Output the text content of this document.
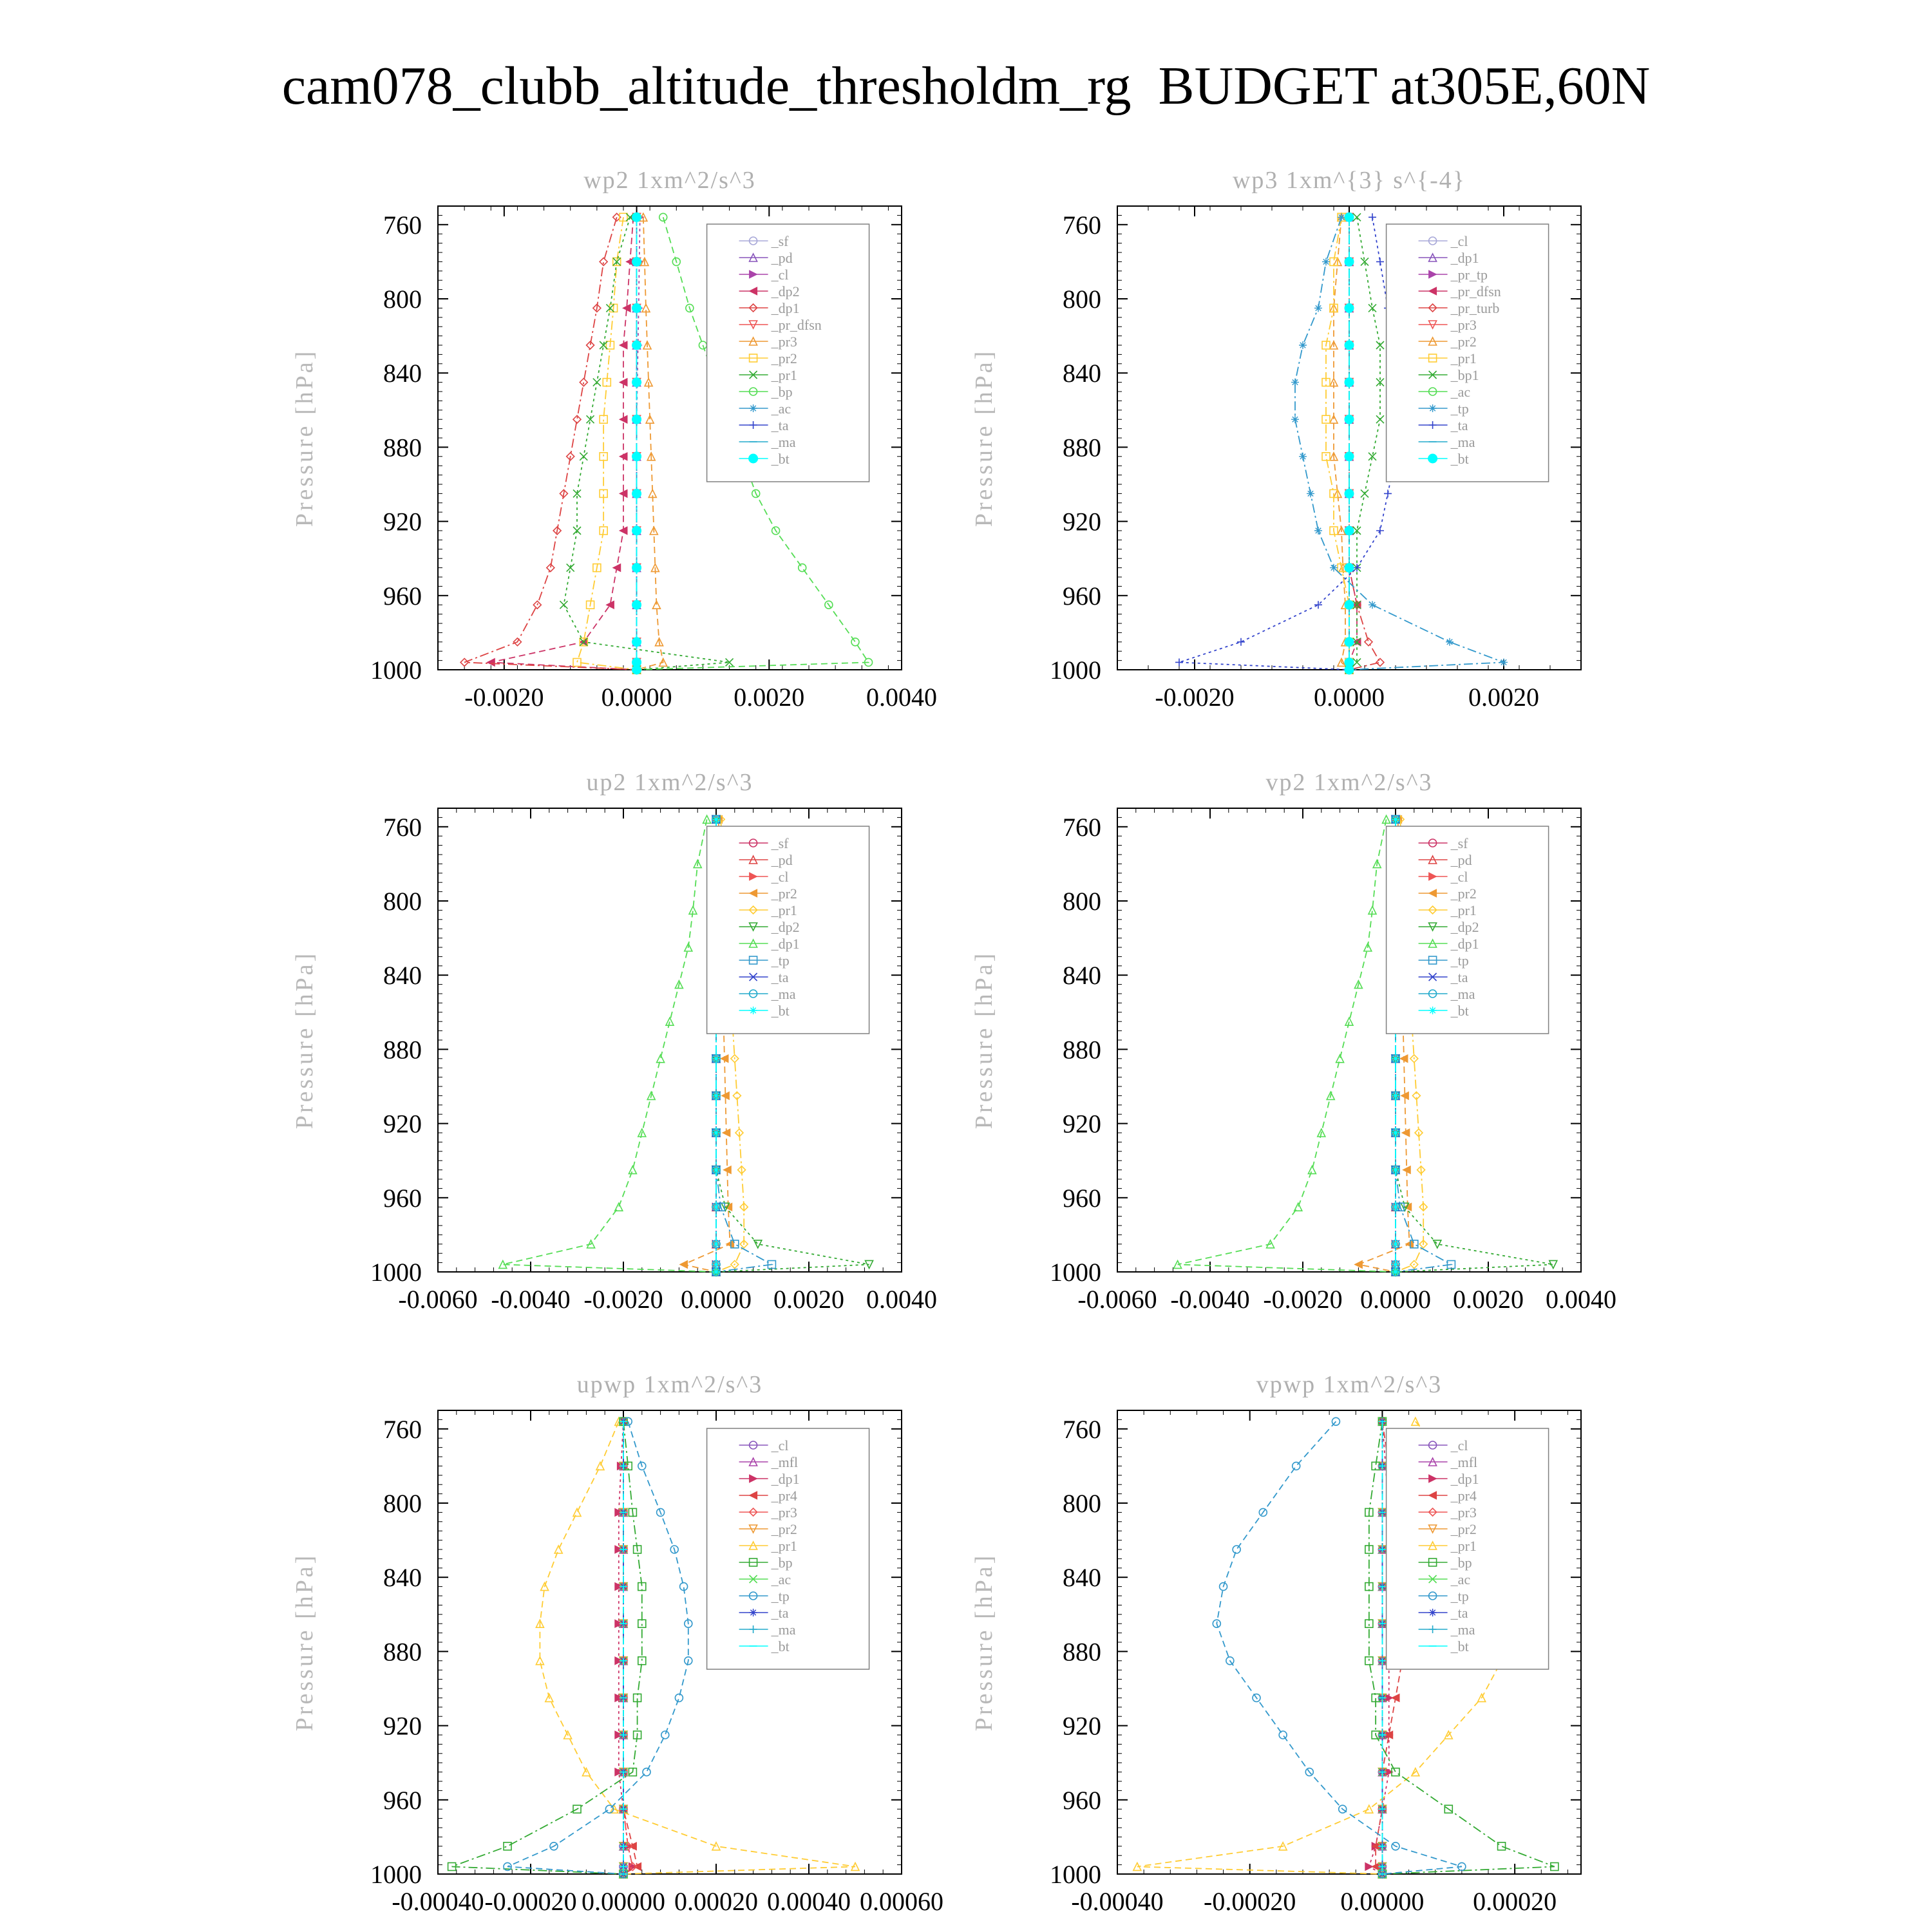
cam078_clubb_altitude_thresholdm_rg  BUDGET at305E,60N
wp2 1xm^2/s^3
760
800
840
880
920
960
1000
-0.0020 0.0000 0.0020 0.0040
Pressure [hPa]
_sf
_pd
_cl
_dp2
_dp1
_pr_dfsn
_pr3
_pr2
_pr1
_bp
_ac
_ta
_ma
_bt
wp3 1xm^{3} s^{-4}
760
800
840
880
920
960
1000
-0.0020	0.0000	0.0020
Pressure [hPa]
_cl
_dp1
_pr_tp
_pr_dfsn
_pr_turb
_pr3
_pr2
_pr1
_bp1
_ac
_tp
_ta
_ma
_bt
up2 1xm^2/s^3
760
800
840
880
920
960
1000
-0.0060 -0.0040 -0.0020 0.0000 0.0020 0.0040
Pressure [hPa]
_sf
_pd
_cl
_pr2
_pr1
_dp2
_dp1
_tp
_ta
_ma
_bt
vp2 1xm^2/s^3
760
800
840
880
920
960
1000
-0.0060 -0.0040 -0.0020 0.0000 0.0020 0.0040
Pressure [hPa]
_sf
_pd
_cl
_pr2
_pr1
_dp2
_dp1
_tp
_ta
_ma
_bt
upwp 1xm^2/s^3
760
800
840
880
920
960
1000
-0.00040 -0.00020 0.00000 0.00020 0.00040 0.00060
Pressure [hPa]
_cl
_mfl
_dp1
_pr4
_pr3
_pr2
_pr1
_bp
_ac
_tp
_ta
_ma
_bt
vpwp 1xm^2/s^3
760
800
840
880
920
960
1000
-0.00040 -0.00020 0.00000 0.00020
Pressure [hPa]
_cl
_mfl
_dp1
_pr4
_pr3
_pr2
_pr1
_bp
_ac
_tp
_ta
_ma
_bt
